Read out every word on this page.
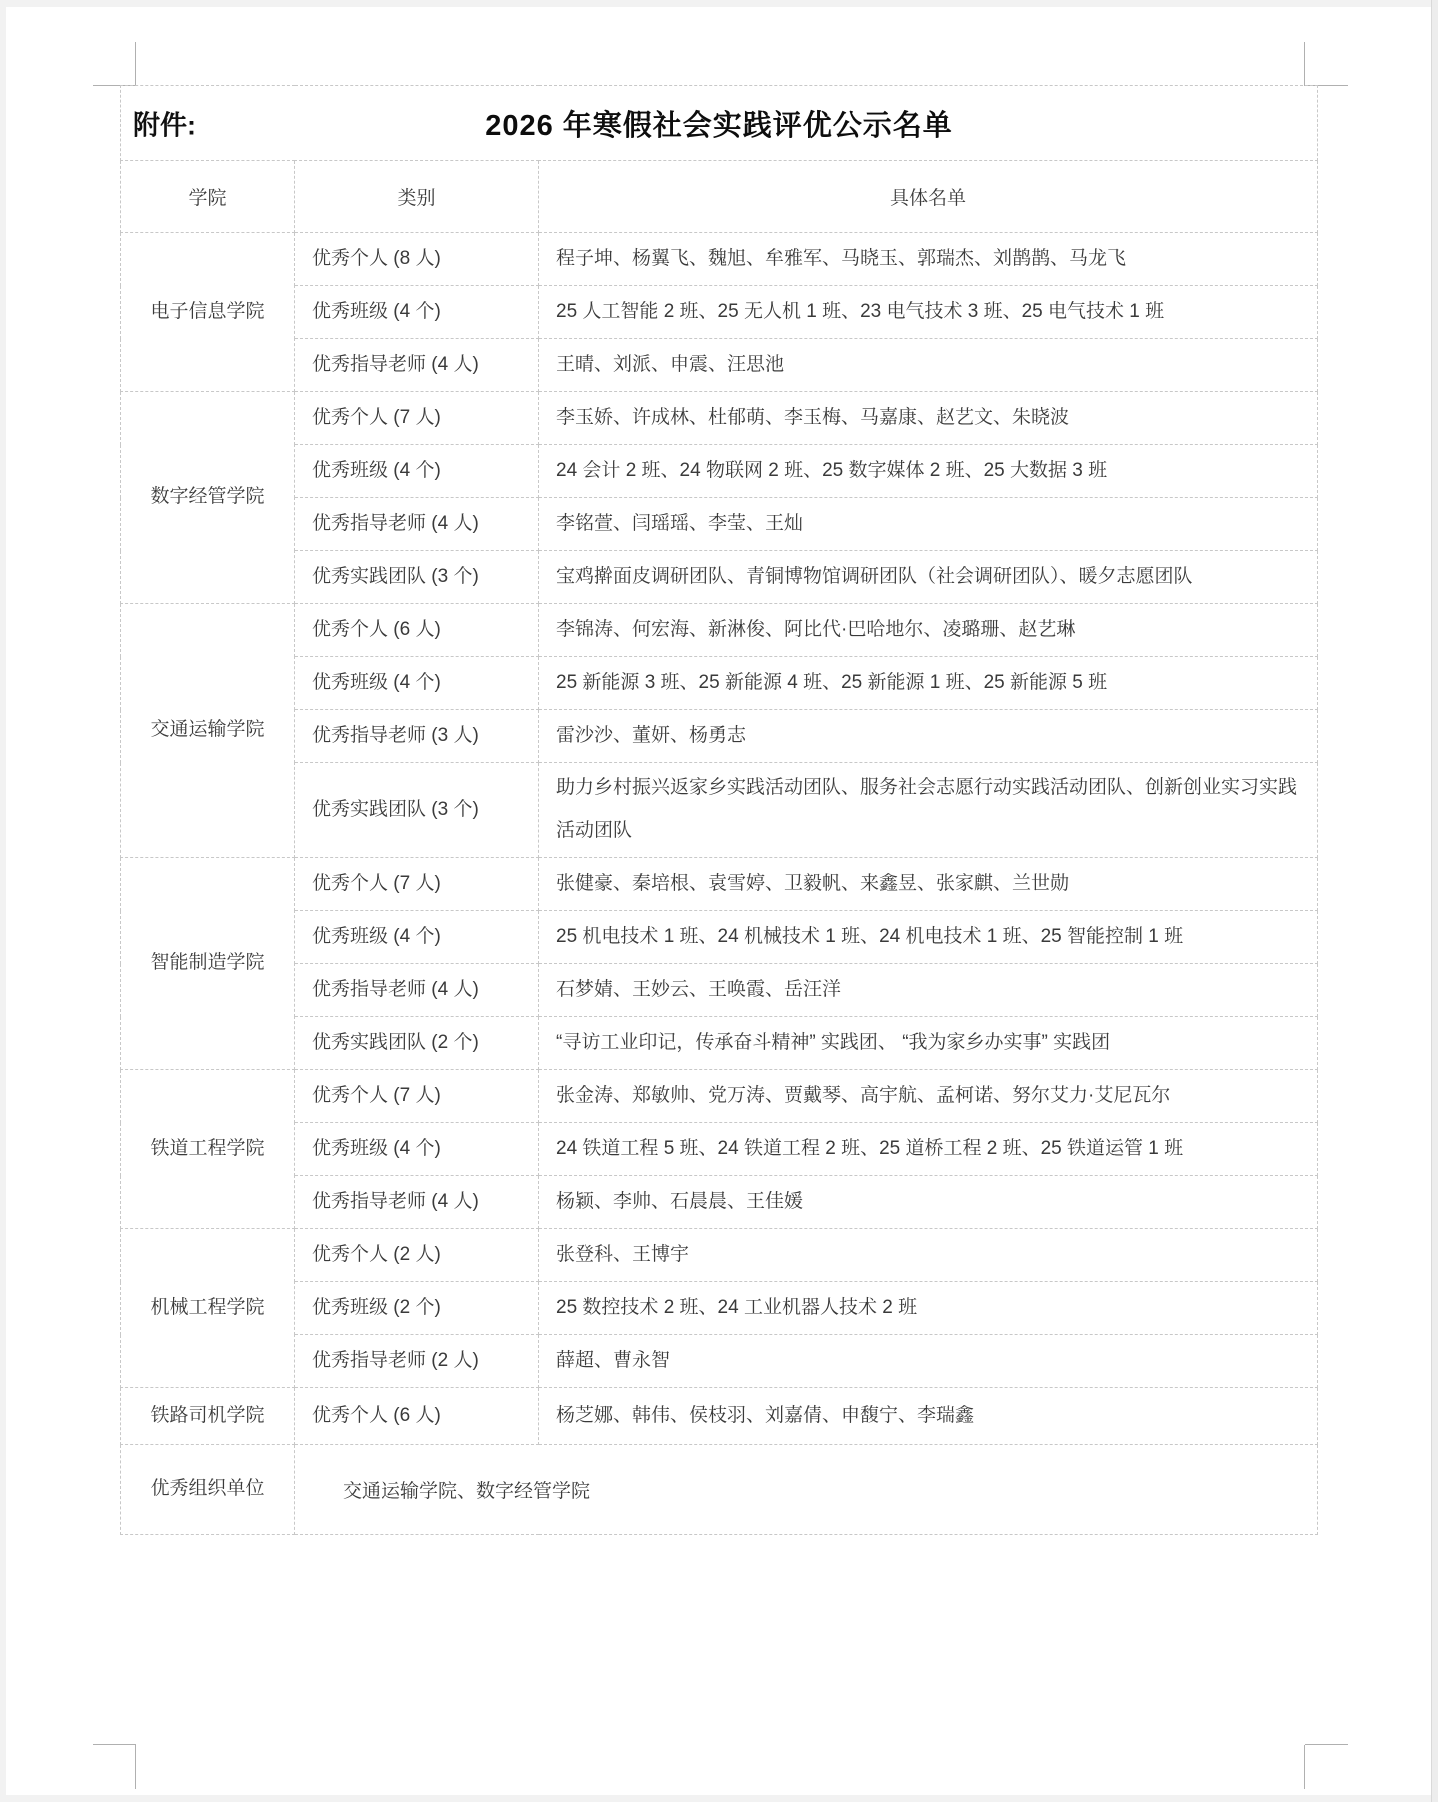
附件: 2026 年寒假社会实践评优公示名单		

学院	类别	具体名单
电子信息学院	优秀个人 (8 人)	程子坤、杨翼飞、魏旭、牟雅军、马晓玉、郭瑞杰、刘鹊鹊、马龙飞
	优秀班级 (4 个)	25 人工智能 2 班、25 无人机 1 班、23 电气技术 3 班、25 电气技术 1 班
	优秀指导老师 (4 人)	王晴、刘派、申震、汪思池
数字经管学院	优秀个人 (7 人)	李玉娇、许成林、杜郁萌、李玉梅、马嘉康、赵艺文、朱晓波
	优秀班级 (4 个)	24 会计 2 班、24 物联网 2 班、25 数字媒体 2 班、25 大数据 3 班
	优秀指导老师 (4 人)	李铭萱、闫瑶瑶、李莹、王灿
	优秀实践团队 (3 个)	宝鸡擀面皮调研团队、青铜博物馆调研团队（社会调研团队）、暖夕志愿团队
交通运输学院	优秀个人 (6 人)	李锦涛、何宏海、新淋俊、阿比代·巴哈地尔、凌璐珊、赵艺琳
	优秀班级 (4 个)	25 新能源 3 班、25 新能源 4 班、25 新能源 1 班、25 新能源 5 班
	优秀指导老师 (3 人)	雷沙沙、董妍、杨勇志
	优秀实践团队 (3 个)	助力乡村振兴返家乡实践活动团队、服务社会志愿行动实践活动团队、创新创业实习实践活动团队
智能制造学院	优秀个人 (7 人)	张健豪、秦培根、袁雪婷、卫毅帆、来鑫昱、张家麒、兰世勋
	优秀班级 (4 个)	25 机电技术 1 班、24 机械技术 1 班、24 机电技术 1 班、25 智能控制 1 班
	优秀指导老师 (4 人)	石梦婧、王妙云、王唤霞、岳汪洋
	优秀实践团队 (2 个)	“寻访工业印记，传承奋斗精神” 实践团、 “我为家乡办实事” 实践团
铁道工程学院	优秀个人 (7 人)	张金涛、郑敏帅、党万涛、贾戴琴、高宇航、孟柯诺、努尔艾力·艾尼瓦尔
	优秀班级 (4 个)	24 铁道工程 5 班、24 铁道工程 2 班、25 道桥工程 2 班、25 铁道运管 1 班
	优秀指导老师 (4 人)	杨颖、李帅、石晨晨、王佳媛
机械工程学院	优秀个人 (2 人)	张登科、王博宇
	优秀班级 (2 个)	25 数控技术 2 班、24 工业机器人技术 2 班
	优秀指导老师 (2 人)	薛超、曹永智
铁路司机学院	优秀个人 (6 人)	杨芝娜、韩伟、侯枝羽、刘嘉倩、申馥宁、李瑞鑫
优秀组织单位	交通运输学院、数字经管学院	
